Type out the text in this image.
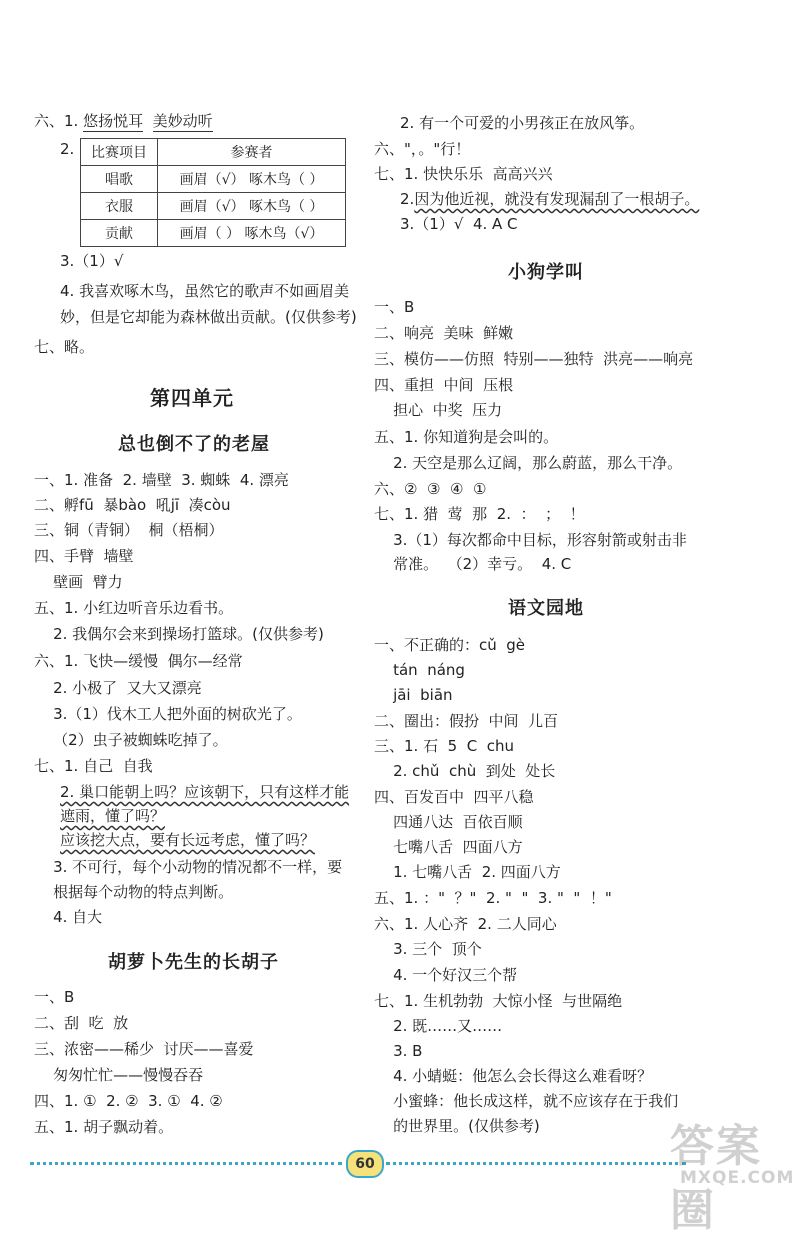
六、1. 悠扬悦耳 美妙动听
2. 比赛项目	参赛者
唱歌	画眉（√） 啄木鸟（ ）
衣服	画眉（√） 啄木鸟（ ）
贡献	画眉（ ） 啄木鸟（√）
3.（1）√
4. 我喜欢啄木鸟，虽然它的歌声不如画眉美
妙，但是它却能为森林做出贡献。(仅供参考)
七、略。
第四单元
总也倒不了的老屋
一、1. 准备  2. 墙壁  3. 蜘蛛  4. 漂亮
二、孵fū  暴bào  吼jī  凑còu
三、铜（青铜）  桐（梧桐）
四、手臂  墙壁
壁画  臂力
五、1. 小红边听音乐边看书。
2. 我偶尔会来到操场打篮球。(仅供参考)
六、1. 飞快—缓慢  偶尔—经常
2. 小极了  又大又漂亮
3.（1）伐木工人把外面的树砍光了。
（2）虫子被蜘蛛吃掉了。
七、1. 自己  自我
2. 巢口能朝上吗？应该朝下，只有这样才能
遮雨，懂了吗？
应该挖大点，要有长远考虑，懂了吗？
3. 不可行，每个小动物的情况都不一样，要
根据每个动物的特点判断。
4. 自大
胡萝卜先生的长胡子
一、B
二、刮  吃  放
三、浓密——稀少  讨厌——喜爱
匆匆忙忙——慢慢吞吞
四、1. ①  2. ②  3. ①  4. ②
五、1. 胡子飘动着。
2. 有一个可爱的小男孩正在放风筝。
六、"，。"行！
七、1. 快快乐乐  高高兴兴
2.因为他近视，就没有发现漏刮了一根胡子。
3.（1）√  4. A C
小狗学叫
一、B
二、响亮  美味  鲜嫩
三、模仿——仿照  特别——独特  洪亮——响亮
四、重担  中间  压根
担心  中奖  压力
五、1. 你知道狗是会叫的。
2. 天空是那么辽阔，那么蔚蓝，那么干净。
六、②  ③  ④  ①
七、1. 猎  莺  那  2.  ：  ；  ！
3.（1）每次都命中目标，形容射箭或射击非
常准。  （2）幸亏。  4. C
语文园地
一、不正确的：cǔ  gè
tán  náng
jāi  biān
二、圈出：假扮  中间  儿百
三、1. 石  5  C  chu
2. chǔ  chù  到处  处长
四、百发百中  四平八稳
四通八达  百依百顺
七嘴八舌  四面八方
1. 七嘴八舌  2. 四面八方
五、1. ："  ？"  2. "  "  3. "  "  ！"
六、1. 人心齐  2. 二人同心
3. 三个  顶个
4. 一个好汉三个帮
七、1. 生机勃勃  大惊小怪  与世隔绝
2. 既……又……
3. B
4. 小蜻蜓：他怎么会长得这么难看呀？
小蜜蜂：他长成这样，就不应该存在于我们
的世界里。(仅供参考)
60	答案圈
MXQE.COM
